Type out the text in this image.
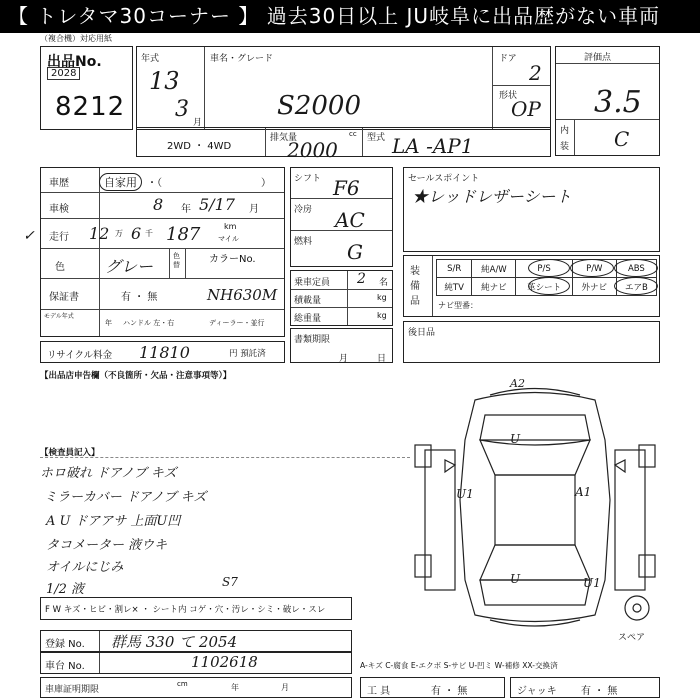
【 トレタマ30コーナー 】 過去30日以上 JU岐阜に出品歴がない車両
（複合機）対応用紙
出品No.
2028
8212
年式
13
3
月
車名・グレード
S2000
ドア
2
形状
OP
評価点
3.5
内
装 C
2WD ・ 4WD
排気量	cc
2000	型式 LA -AP1
車歴	自家用	・（	）
車検	8 年 5/17 月
✓ 走行 12 万 6 千 187	km
マイル
色	グレー
色替	カラーNo.
保証書	有 ・ 無	NH630M
モデル年式
年 ハンドル 左・右	ディーラー・並行
リサイクル料金 11810	円 預託済
シフト F6
冷房 AC
燃料 G
乗車定員 2 名
積載量	kg
総重量	kg
書類期限
月	日
セールスポイント
★レッドレザーシート
装備品
S/R	純A/W	P/S	P/W	ABS
純TV	純ナビ	革シート	外ナビ	エアB
ナビ型番：
後日品
【出品店申告欄（不良箇所・欠品・注意事項等）】
【検査員記入】
ホロ破れ ドアノブ キズ
ミラーカバー ドアノブ キズ
A U ドアアサ 上面U凹
タコメーター 液ウキ
オイルにじみ
1/2 液	S7
F W キズ・ヒビ・割レ× ・ シート内 コゲ・穴・汚レ・シミ・破レ・スレ
A2
U
U1	A1
U	U1
スペア
登録 No. 群馬 330 て 2054
車台 No.	1102618	A-キズ C-腐食 E-エクボ S-サビ U-凹ミ W-補修 XX-交換済
車庫証明期限
cm	年	月	工 具	有 ・ 無	ジャッキ 有 ・ 無
